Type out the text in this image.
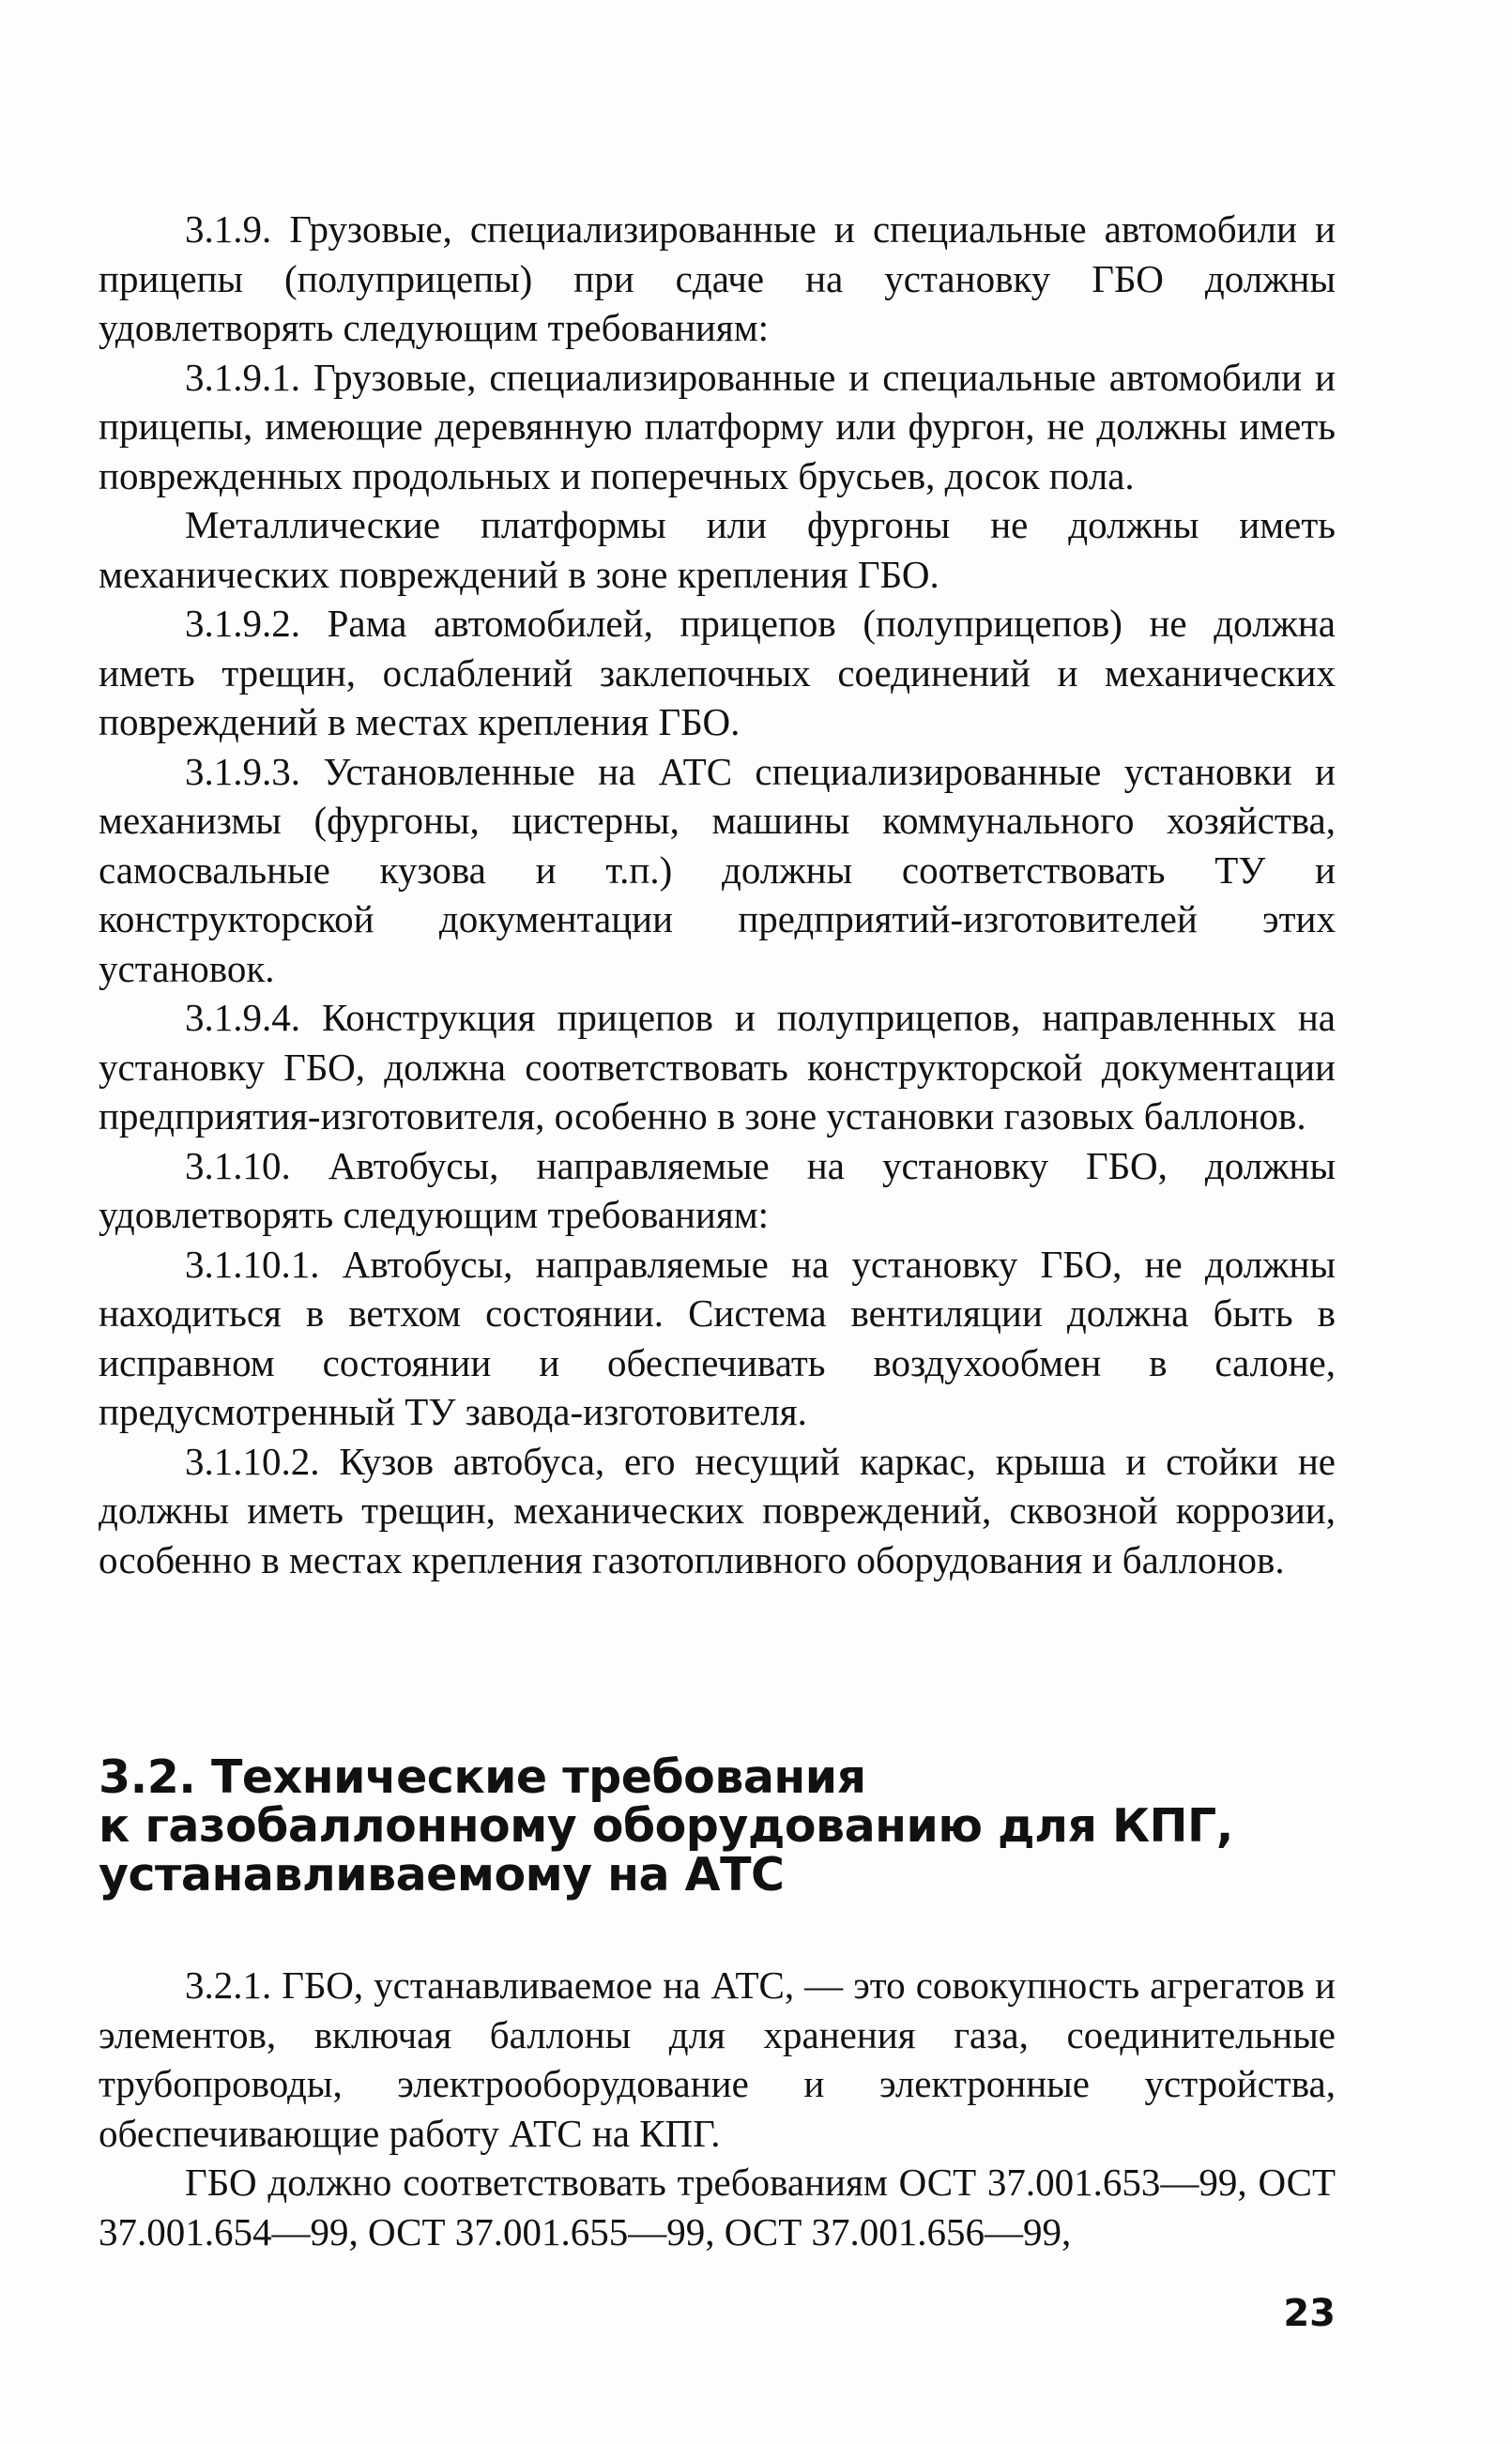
3.1.9. Грузовые, специализированные и специальные автомобили и прицепы (полуприцепы) при сдаче на установку ГБО должны удовлетворять следующим требованиям:

3.1.9.1. Грузовые, специализированные и специальные автомобили и прицепы, имеющие деревянную платформу или фургон, не должны иметь поврежденных продольных и поперечных брусьев, досок пола.

Металлические платформы или фургоны не должны иметь механических повреждений в зоне крепления ГБО.

3.1.9.2. Рама автомобилей, прицепов (полуприцепов) не должна иметь трещин, ослаблений заклепочных соединений и механических повреждений в местах крепления ГБО.

3.1.9.3. Установленные на АТС специализированные установки и механизмы (фургоны, цистерны, машины коммунального хозяйства, самосвальные кузова и т.п.) должны соответствовать ТУ и конструкторской документации предприятий-изготовителей этих установок.

3.1.9.4. Конструкция прицепов и полуприцепов, направленных на установку ГБО, должна соответствовать конструкторской документации предприятия-изготовителя, особенно в зоне установки газовых баллонов.

3.1.10. Автобусы, направляемые на установку ГБО, должны удовлетворять следующим требованиям:

3.1.10.1. Автобусы, направляемые на установку ГБО, не должны находиться в ветхом состоянии. Система вентиляции должна быть в исправном состоянии и обеспечивать воздухообмен в салоне, предусмотренный ТУ завода-изготовителя.

3.1.10.2. Кузов автобуса, его несущий каркас, крыша и стойки не должны иметь трещин, механических повреждений, сквозной коррозии, особенно в местах крепления газотопливного оборудования и баллонов.

3.2. Технические требования
к газобаллонному оборудованию для КПГ,
устанавливаемому на АТС

3.2.1. ГБО, устанавливаемое на АТС, — это совокупность агрегатов и элементов, включая баллоны для хранения газа, соединительные трубопроводы, электрооборудование и электронные устройства, обеспечивающие работу АТС на КПГ.

ГБО должно соответствовать требованиям ОСТ 37.001.653—99, ОСТ 37.001.654—99, ОСТ 37.001.655—99, ОСТ 37.001.656—99,

23
